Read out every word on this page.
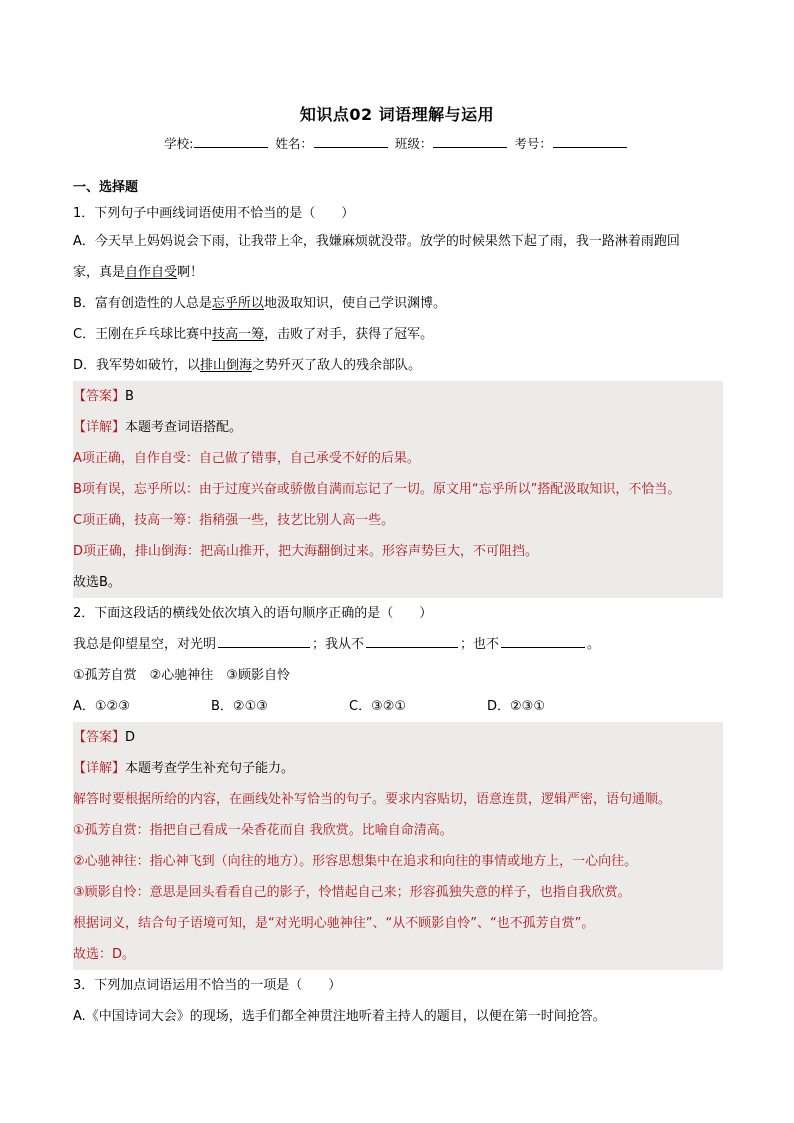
知识点02 词语理解与运用
学校:	姓名：	班级：	考号：
一、选择题
1．下列句子中画线词语使用不恰当的是（　　）
A．今天早上妈妈说会下雨，让我带上伞，我嫌麻烦就没带。放学的时候果然下起了雨，我一路淋着雨跑回
家，真是自作自受啊！
B．富有创造性的人总是忘乎所以地汲取知识，使自己学识渊博。
C．王刚在乒乓球比赛中技高一筹，击败了对手，获得了冠军。
D．我军势如破竹，以排山倒海之势歼灭了敌人的残余部队。
【答案】B
【详解】本题考查词语搭配。
A项正确，自作自受：自己做了错事，自己承受不好的后果。
B项有误，忘乎所以：由于过度兴奋或骄傲自满而忘记了一切。原文用“忘乎所以”搭配汲取知识，不恰当。
C项正确，技高一筹：指稍强一些，技艺比别人高一些。
D项正确，排山倒海：把高山推开，把大海翻倒过来。形容声势巨大，不可阻挡。
故选B。
2．下面这段话的横线处依次填入的语句顺序正确的是（　　）
我总是仰望星空，对光明	；我从不	；也不	。
①孤芳自赏　②心驰神往　③顾影自怜
A．①②③	B．②①③	C．③②①	D．②③①
【答案】D
【详解】本题考查学生补充句子能力。
解答时要根据所给的内容，在画线处补写恰当的句子。要求内容贴切，语意连贯，逻辑严密，语句通顺。
①孤芳自赏：指把自己看成一朵香花而自 我欣赏。比喻自命清高。
②心驰神往：指心神飞到（向往的地方）。形容思想集中在追求和向往的事情或地方上，一心向往。
③顾影自怜：意思是回头看看自己的影子，怜惜起自己来；形容孤独失意的样子，也指自我欣赏。
根据词义，结合句子语境可知，是“对光明心驰神往”、“从不顾影自怜”、“也不孤芳自赏”。
故选：D。
3．下列加点词语运用不恰当的一项是（　　）
A.《中国诗词大会》的现场，选手们都全神贯注地听着主持人的题目，以便在第一时间抢答。
